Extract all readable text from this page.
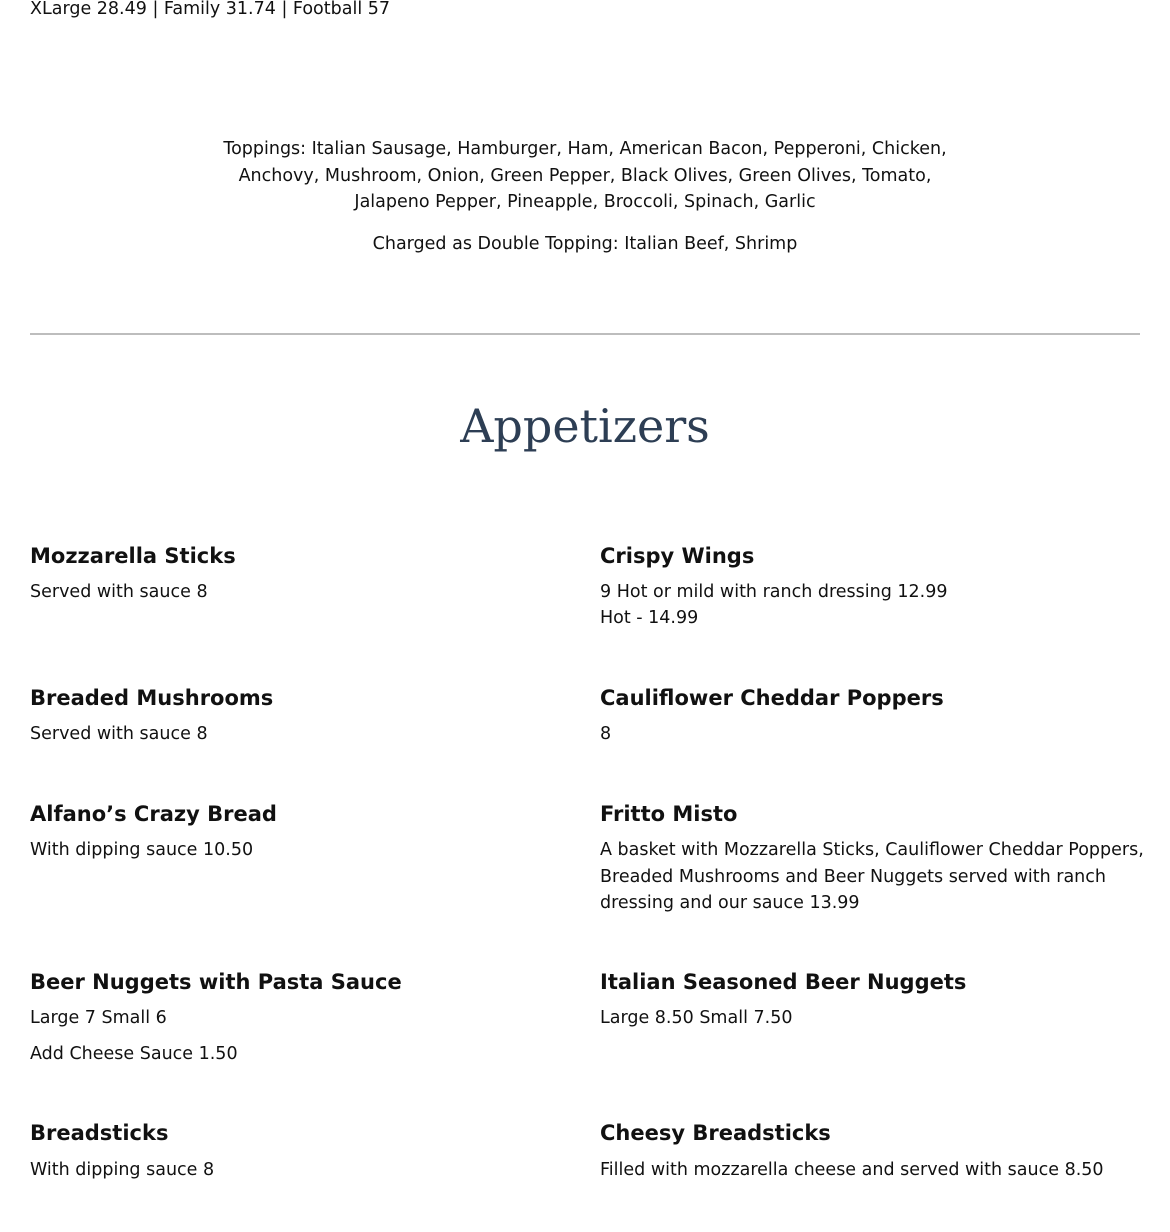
XLarge 28.49 | Family 31.74 | Football 57
Toppings: Italian Sausage, Hamburger, Ham, American Bacon, Pepperoni, Chicken,
Anchovy, Mushroom, Onion, Green Pepper, Black Olives, Green Olives, Tomato,
Jalapeno Pepper, Pineapple, Broccoli, Spinach, Garlic
Charged as Double Topping: Italian Beef, Shrimp
Appetizers
Mozzarella Sticks
Served with sauce 8
Breaded Mushrooms
Served with sauce 8
Alfano’s Crazy Bread
With dipping sauce 10.50
Beer Nuggets with Pasta Sauce
Large 7 Small 6
Add Cheese Sauce 1.50
Breadsticks
With dipping sauce 8
Crispy Wings
9 Hot or mild with ranch dressing 12.99
Hot - 14.99
Cauliflower Cheddar Poppers
8
Fritto Misto
A basket with Mozzarella Sticks, Cauliflower Cheddar Poppers, Breaded Mushrooms and Beer Nuggets served with ranch dressing and our sauce 13.99
Italian Seasoned Beer Nuggets
Large 8.50 Small 7.50
Cheesy Breadsticks
Filled with mozzarella cheese and served with sauce 8.50
